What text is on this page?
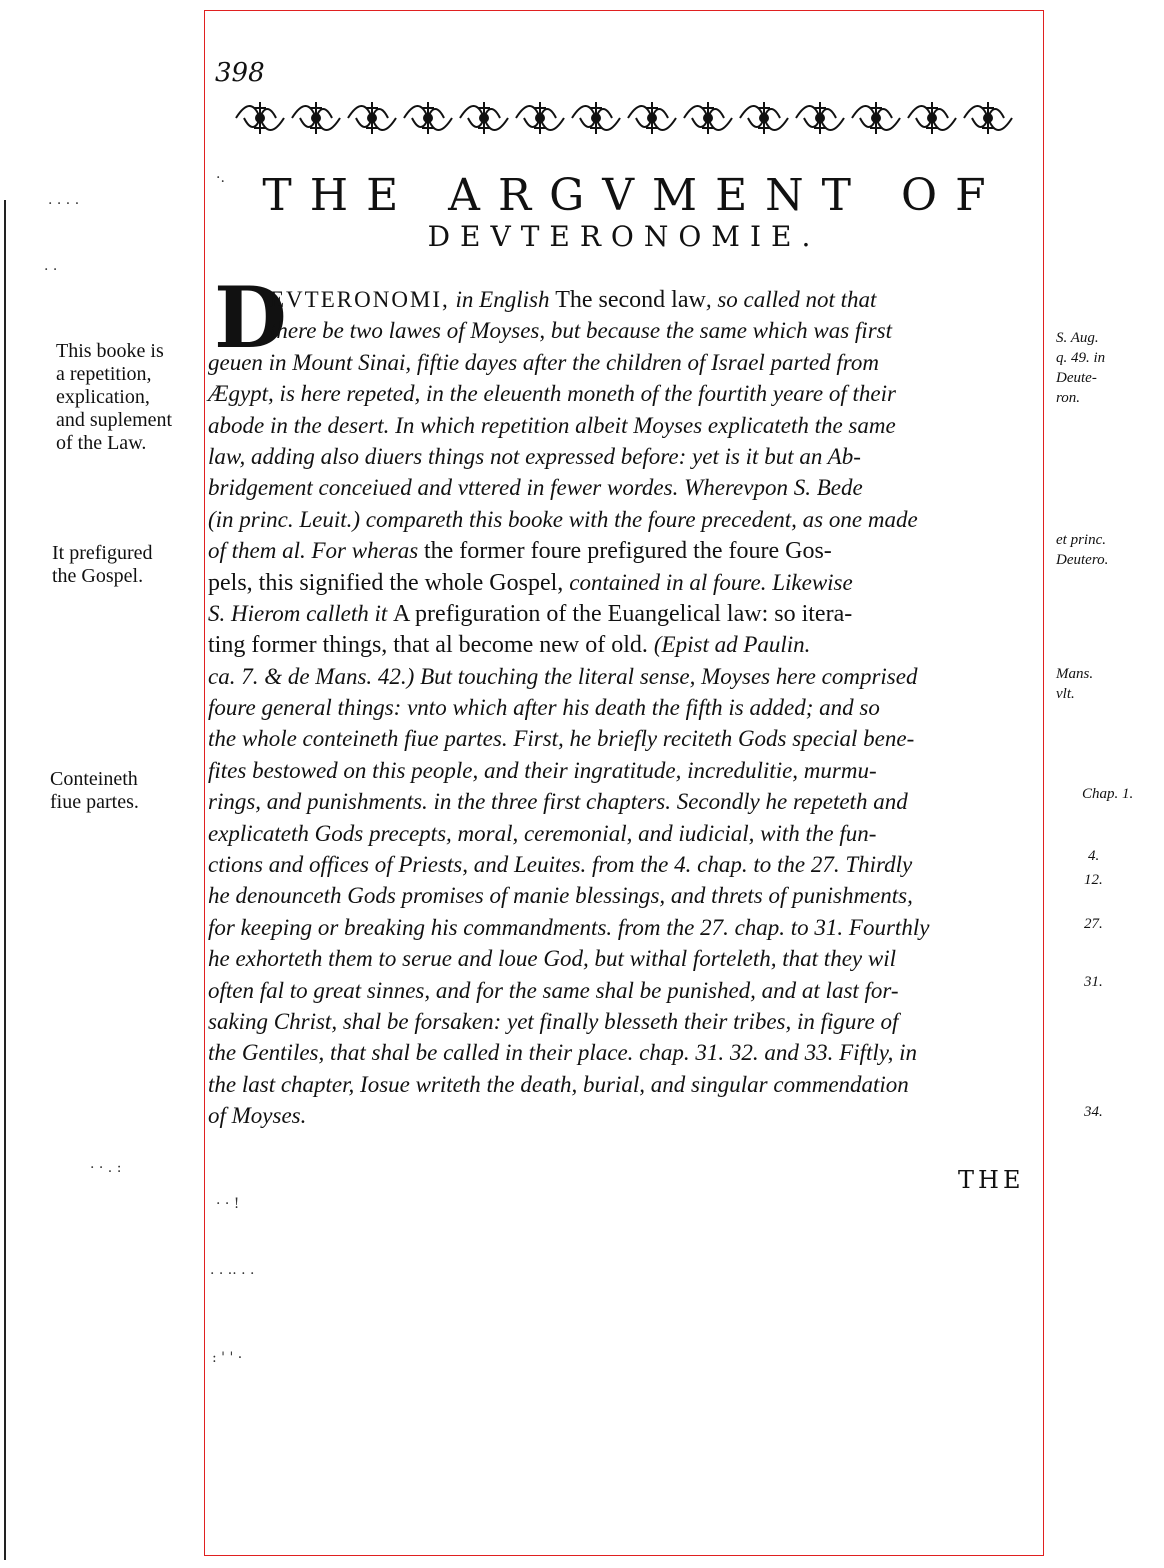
398
THE ARGVMENT OF
DEVTERONOMIE.
D
EVTERONOMI, in English The second law, so called not that
there be two lawes of Moyses, but because the same which was first
geuen in Mount Sinai, fiftie dayes after the children of Israel parted from
Ægypt, is here repeted, in the eleuenth moneth of the fourtith yeare of their
abode in the desert. In which repetition albeit Moyses explicateth the same
law, adding also diuers things not expressed before: yet is it but an Ab-
bridgement conceiued and vttered in fewer wordes. Wherevpon S. Bede
(in princ. Leuit.) compareth this booke with the foure precedent, as one made
of them al. For wheras the former foure prefigured the foure Gos-
pels, this signified the whole Gospel, contained in al foure. Likewise
S. Hierom calleth it A prefiguration of the Euangelical law: so itera-
ting former things, that al become new of old. (Epist ad Paulin.
ca. 7. & de Mans. 42.) But touching the literal sense, Moyses here comprised
foure general things: vnto which after his death the fifth is added; and so
the whole conteineth fiue partes. First, he briefly reciteth Gods special bene-
fites bestowed on this people, and their ingratitude, incredulitie, murmu-
rings, and punishments. in the three first chapters. Secondly he repeteth and
explicateth Gods precepts, moral, ceremonial, and iudicial, with the fun-
ctions and offices of Priests, and Leuites. from the 4. chap. to the 27. Thirdly
he denounceth Gods promises of manie blessings, and threts of punishments,
for keeping or breaking his commandments. from the 27. chap. to 31. Fourthly
he exhorteth them to serue and loue God, but withal forteleth, that they wil
often fal to great sinnes, and for the same shal be punished, and at last for-
saking Christ, shal be forsaken: yet finally blesseth their tribes, in figure of
the Gentiles, that shal be called in their place. chap. 31. 32. and 33. Fiftly, in
the last chapter, Iosue writeth the death, burial, and singular commendation
of Moyses.
This booke is
a repetition,
explication,
and suplement
of the Law.
It prefigured
the Gospel.
Conteineth
fiue partes.
S. Aug.
q. 49. in
Deute-
ron.
et princ.
Deutero.
Mans.
vlt.
Chap. 1.
4.
12.
27.
31.
34.
THE
· · · ·
· ·
·.
· · !
· · ·· · ·
: ' ' ·
· · . :
